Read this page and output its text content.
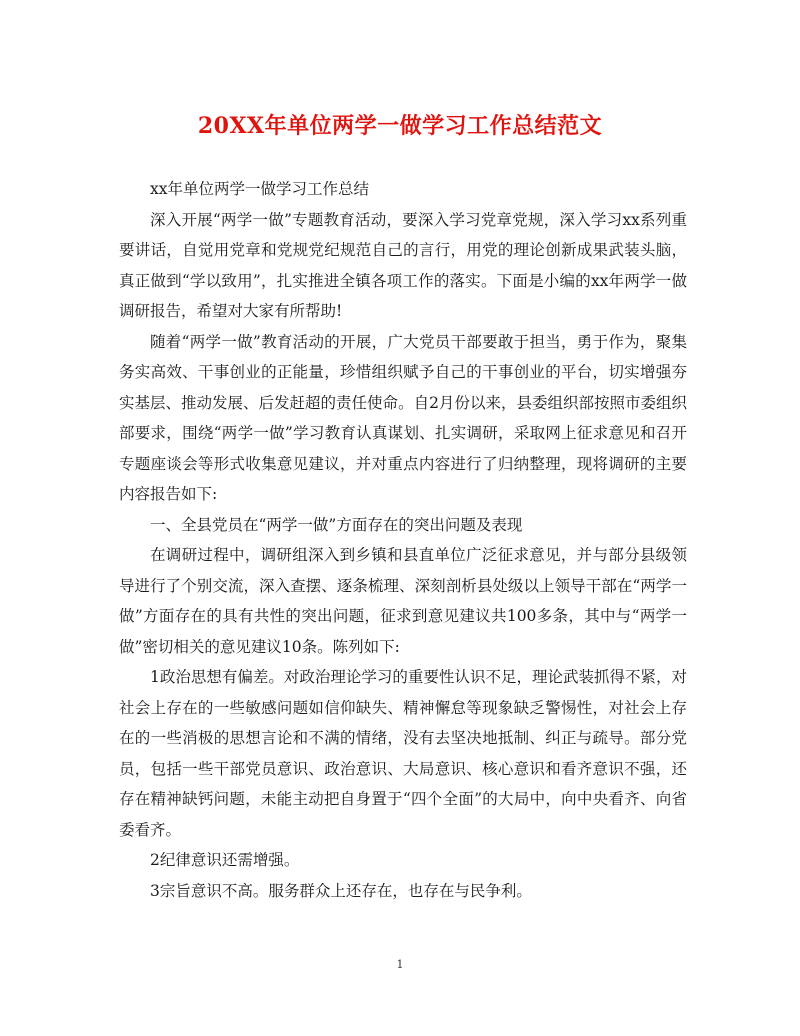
20XX年单位两学一做学习工作总结范文

xx年单位两学一做学习工作总结

深入开展“两学一做”专题教育活动，要深入学习党章党规，深入学习xx系列重要讲话，自觉用党章和党规党纪规范自己的言行，用党的理论创新成果武装头脑，真正做到“学以致用”，扎实推进全镇各项工作的落实。下面是小编的xx年两学一做调研报告，希望对大家有所帮助!

随着“两学一做”教育活动的开展，广大党员干部要敢于担当，勇于作为，聚集务实高效、干事创业的正能量，珍惜组织赋予自己的干事创业的平台，切实增强夯实基层、推动发展、后发赶超的责任使命。自2月份以来，县委组织部按照市委组织部要求，围绕“两学一做”学习教育认真谋划、扎实调研，采取网上征求意见和召开专题座谈会等形式收集意见建议，并对重点内容进行了归纳整理，现将调研的主要内容报告如下:

一、全县党员在“两学一做”方面存在的突出问题及表现

在调研过程中，调研组深入到乡镇和县直单位广泛征求意见，并与部分县级领导进行了个别交流，深入查摆、逐条梳理、深刻剖析县处级以上领导干部在“两学一做”方面存在的具有共性的突出问题，征求到意见建议共100多条，其中与“两学一做”密切相关的意见建议10条。陈列如下:

1政治思想有偏差。对政治理论学习的重要性认识不足，理论武装抓得不紧，对社会上存在的一些敏感问题如信仰缺失、精神懈怠等现象缺乏警惕性，对社会上存在的一些消极的思想言论和不满的情绪，没有去坚决地抵制、纠正与疏导。部分党员，包括一些干部党员意识、政治意识、大局意识、核心意识和看齐意识不强，还存在精神缺钙问题，未能主动把自身置于“四个全面”的大局中，向中央看齐、向省委看齐。

2纪律意识还需增强。

3宗旨意识不高。服务群众上还存在，也存在与民争利。

1
